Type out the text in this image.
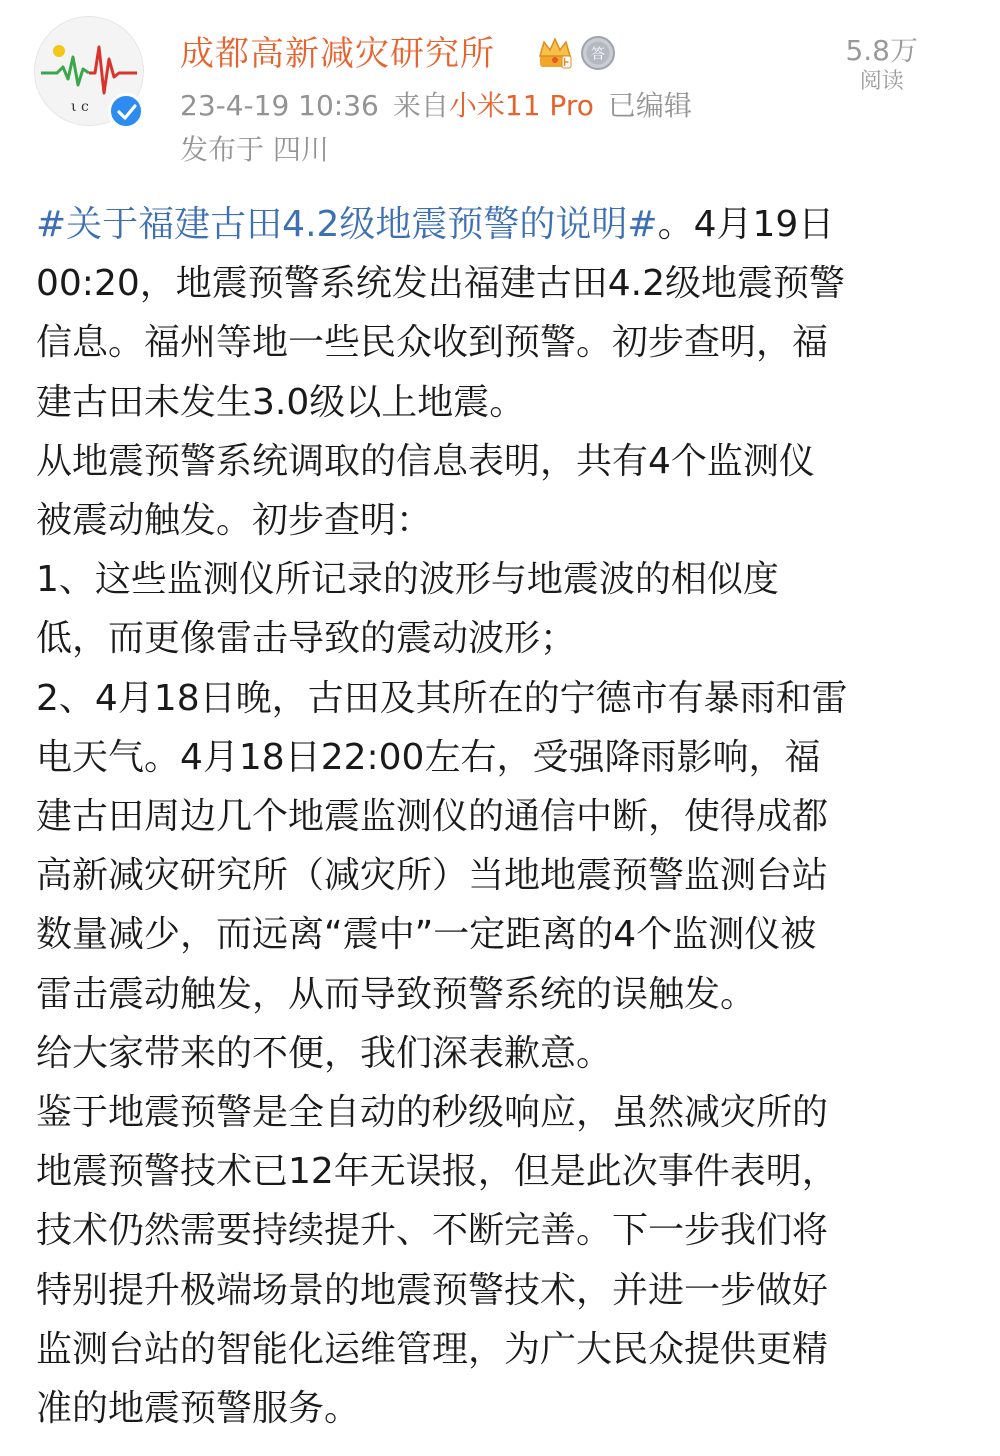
ι c
成都高新减灾研究所	答
23-4-19 10:36 来自小米11 Pro 已编辑
发布于 四川
5.8万
阅读

#关于福建古田4.2级地震预警的说明#。4月19日

00:20，地震预警系统发出福建古田4.2级地震预警

信息。福州等地一些民众收到预警。初步查明，福

建古田未发生3.0级以上地震。

从地震预警系统调取的信息表明，共有4个监测仪

被震动触发。初步查明：

1、这些监测仪所记录的波形与地震波的相似度

低，而更像雷击导致的震动波形；

2、4月18日晚，古田及其所在的宁德市有暴雨和雷

电天气。4月18日22:00左右，受强降雨影响，福

建古田周边几个地震监测仪的通信中断，使得成都

高新减灾研究所（减灾所）当地地震预警监测台站

数量减少，而远离“震中”一定距离的4个监测仪被

雷击震动触发，从而导致预警系统的误触发。

给大家带来的不便，我们深表歉意。

鉴于地震预警是全自动的秒级响应，虽然减灾所的

地震预警技术已12年无误报，但是此次事件表明，

技术仍然需要持续提升、不断完善。下一步我们将

特别提升极端场景的地震预警技术，并进一步做好

监测台站的智能化运维管理，为广大民众提供更精

准的地震预警服务。
